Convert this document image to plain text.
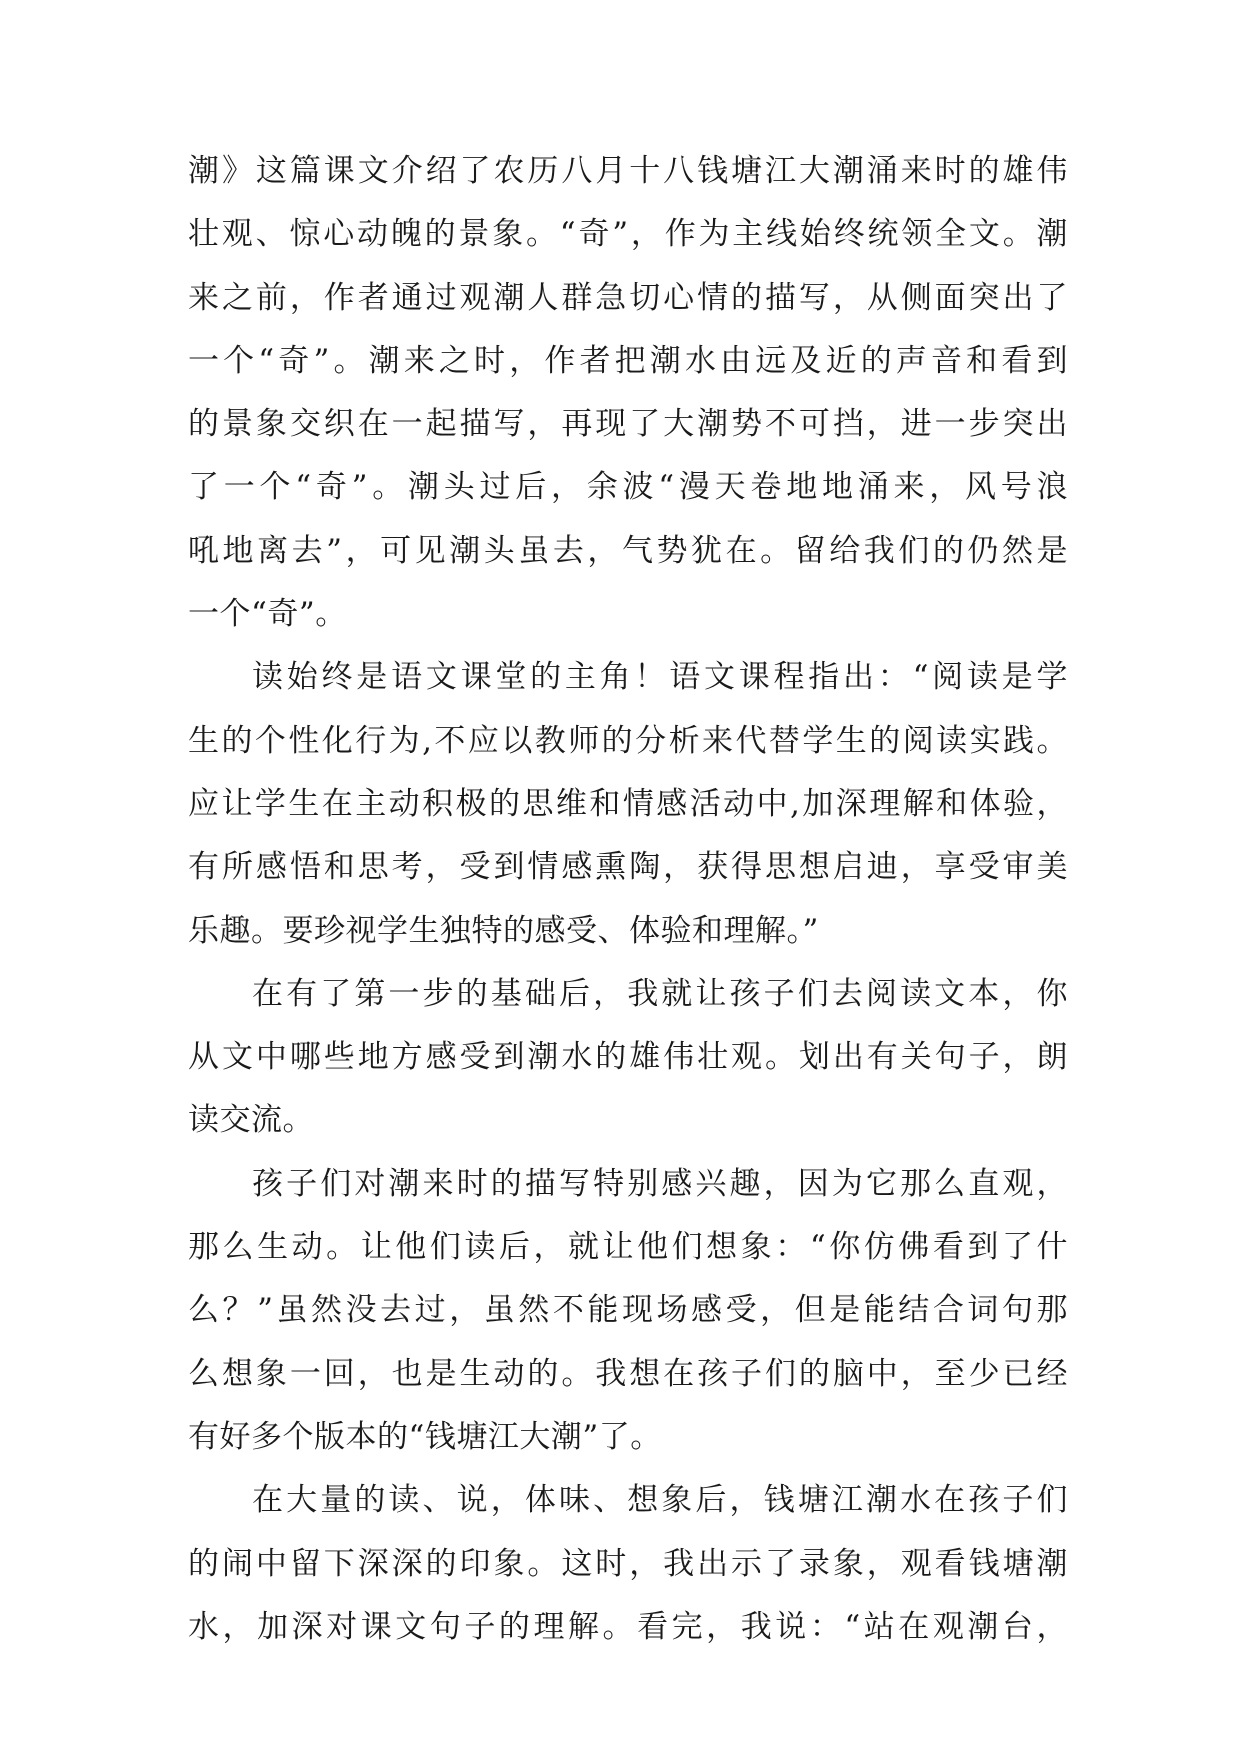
潮》这篇课文介绍了农历八月十八钱塘江大潮涌来时的雄伟
壮观、惊心动魄的景象。“奇”，作为主线始终统领全文。潮
来之前，作者通过观潮人群急切心情的描写，从侧面突出了
一个“奇”。潮来之时，作者把潮水由远及近的声音和看到
的景象交织在一起描写，再现了大潮势不可挡，进一步突出
了一个“奇”。潮头过后，余波“漫天卷地地涌来，风号浪
吼地离去”，可见潮头虽去，气势犹在。留给我们的仍然是
一个“奇”。
读始终是语文课堂的主角！语文课程指出：“阅读是学
生的个性化行为,不应以教师的分析来代替学生的阅读实践。
应让学生在主动积极的思维和情感活动中,加深理解和体验，
有所感悟和思考，受到情感熏陶，获得思想启迪，享受审美
乐趣。要珍视学生独特的感受、体验和理解。”
在有了第一步的基础后，我就让孩子们去阅读文本，你
从文中哪些地方感受到潮水的雄伟壮观。划出有关句子，朗
读交流。
孩子们对潮来时的描写特别感兴趣，因为它那么直观，
那么生动。让他们读后，就让他们想象：“你仿佛看到了什
么？”虽然没去过，虽然不能现场感受，但是能结合词句那
么想象一回，也是生动的。我想在孩子们的脑中，至少已经
有好多个版本的“钱塘江大潮”了。
在大量的读、说，体味、想象后，钱塘江潮水在孩子们
的闹中留下深深的印象。这时，我出示了录象，观看钱塘潮
水，加深对课文句子的理解。看完，我说：“站在观潮台，
